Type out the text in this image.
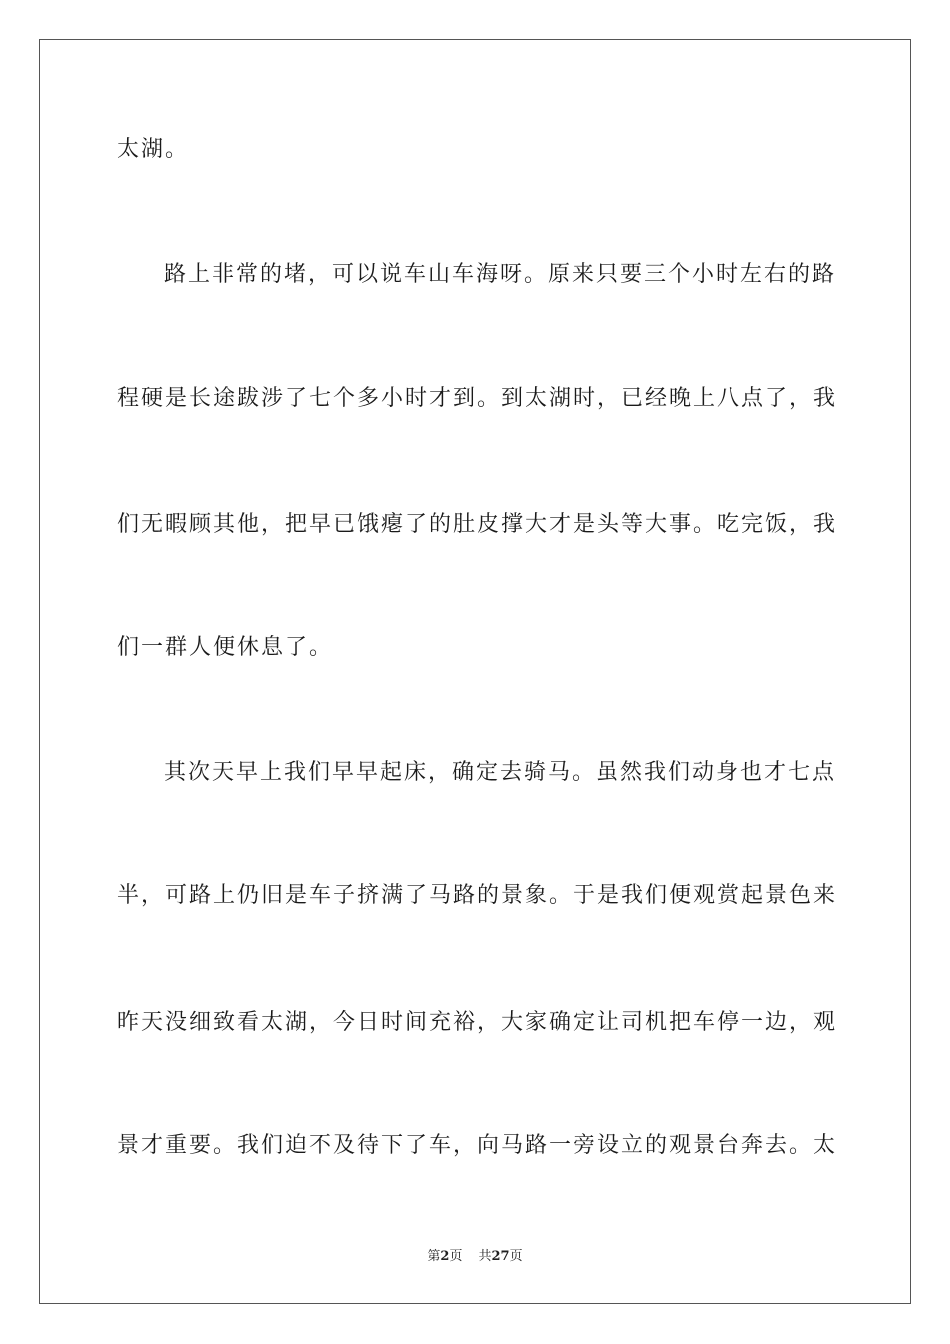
太湖。
路上非常的堵，可以说车山车海呀。原来只要三个小时左右的路
程硬是长途跋涉了七个多小时才到。到太湖时，已经晚上八点了，我
们无暇顾其他，把早已饿瘪了的肚皮撑大才是头等大事。吃完饭，我
们一群人便休息了。
其次天早上我们早早起床，确定去骑马。虽然我们动身也才七点
半，可路上仍旧是车子挤满了马路的景象。于是我们便观赏起景色来
昨天没细致看太湖，今日时间充裕，大家确定让司机把车停一边，观
景才重要。我们迫不及待下了车，向马路一旁设立的观景台奔去。太
第2页 共27页
